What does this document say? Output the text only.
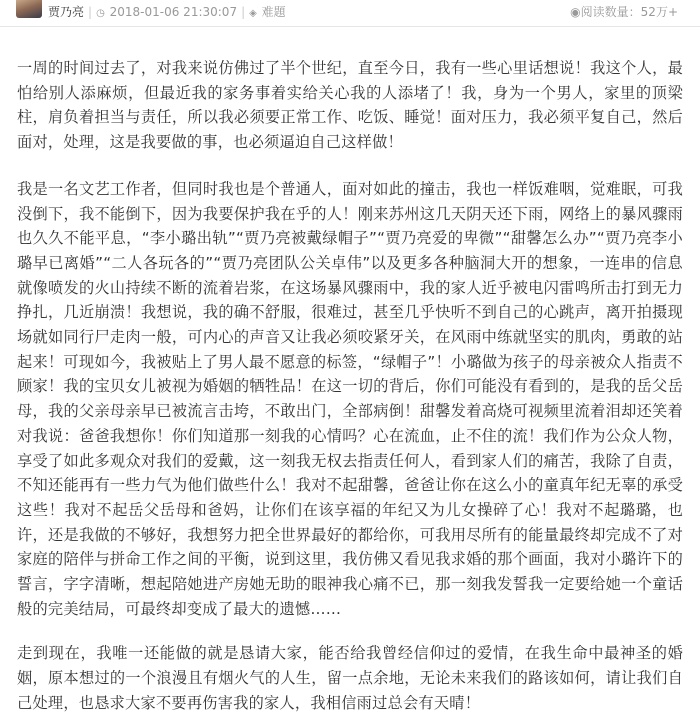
贾乃亮 | ◷ 2018-01-06 21:30:07 | ◈ 难題	◉阅读数量：52万+

一周的时间过去了，对我来说仿佛过了半个世纪，直至今日，我有一些心里话想说！我这个人，最怕给别人添麻烦，但最近我的家务事着实给关心我的人添堵了！我，身为一个男人，家里的顶梁柱，肩负着担当与责任，所以我必须要正常工作、吃饭、睡觉！面对压力，我必须平复自己，然后面对，处理，这是我要做的事，也必须逼迫自己这样做！

我是一名文艺工作者，但同时我也是个普通人，面对如此的撞击，我也一样饭难咽，觉难眠，可我没倒下，我不能倒下，因为我要保护我在乎的人！刚来苏州这几天阴天还下雨，网络上的暴风骤雨也久久不能平息，“李小璐出轨”“贾乃亮被戴绿帽子”“贾乃亮爱的卑微”“甜馨怎么办”“贾乃亮李小璐早已离婚”“二人各玩各的”“贾乃亮团队公关卓伟”以及更多各种脑洞大开的想象，一连串的信息就像喷发的火山持续不断的流着岩浆，在这场暴风骤雨中，我的家人近乎被电闪雷鸣所击打到无力挣扎，几近崩溃！我想说，我的确不舒服，很难过，甚至几乎快听不到自己的心跳声，离开拍摄现场就如同行尸走肉一般，可内心的声音又让我必须咬紧牙关，在风雨中练就坚实的肌肉，勇敢的站起来！可现如今，我被贴上了男人最不愿意的标签，“绿帽子”！小璐做为孩子的母亲被众人指责不顾家！我的宝贝女儿被视为婚姻的牺牲品！在这一切的背后，你们可能没有看到的，是我的岳父岳母，我的父亲母亲早已被流言击垮，不敢出门，全部病倒！甜馨发着高烧可视频里流着泪却还笑着对我说：爸爸我想你！你们知道那一刻我的心情吗？心在流血，止不住的流！我们作为公众人物，享受了如此多观众对我们的爱戴，这一刻我无权去指责任何人，看到家人们的痛苦，我除了自责，不知还能再有一些力气为他们做些什么！我对不起甜馨，爸爸让你在这么小的童真年纪无辜的承受这些！我对不起岳父岳母和爸妈，让你们在该享福的年纪又为儿女操碎了心！我对不起璐璐，也许，还是我做的不够好，我想努力把全世界最好的都给你，可我用尽所有的能量最终却完成不了对家庭的陪伴与拼命工作之间的平衡，说到这里，我仿佛又看见我求婚的那个画面，我对小璐许下的誓言，字字清晰，想起陪她进产房她无助的眼神我心痛不已，那一刻我发誓我一定要给她一个童话般的完美结局，可最终却变成了最大的遗憾……

走到现在，我唯一还能做的就是恳请大家，能否给我曾经信仰过的爱情，在我生命中最神圣的婚姻，原本想过的一个浪漫且有烟火气的人生，留一点余地，无论未来我们的路该如何，请让我们自己处理，也恳求大家不要再伤害我的家人，我相信雨过总会有天晴！
